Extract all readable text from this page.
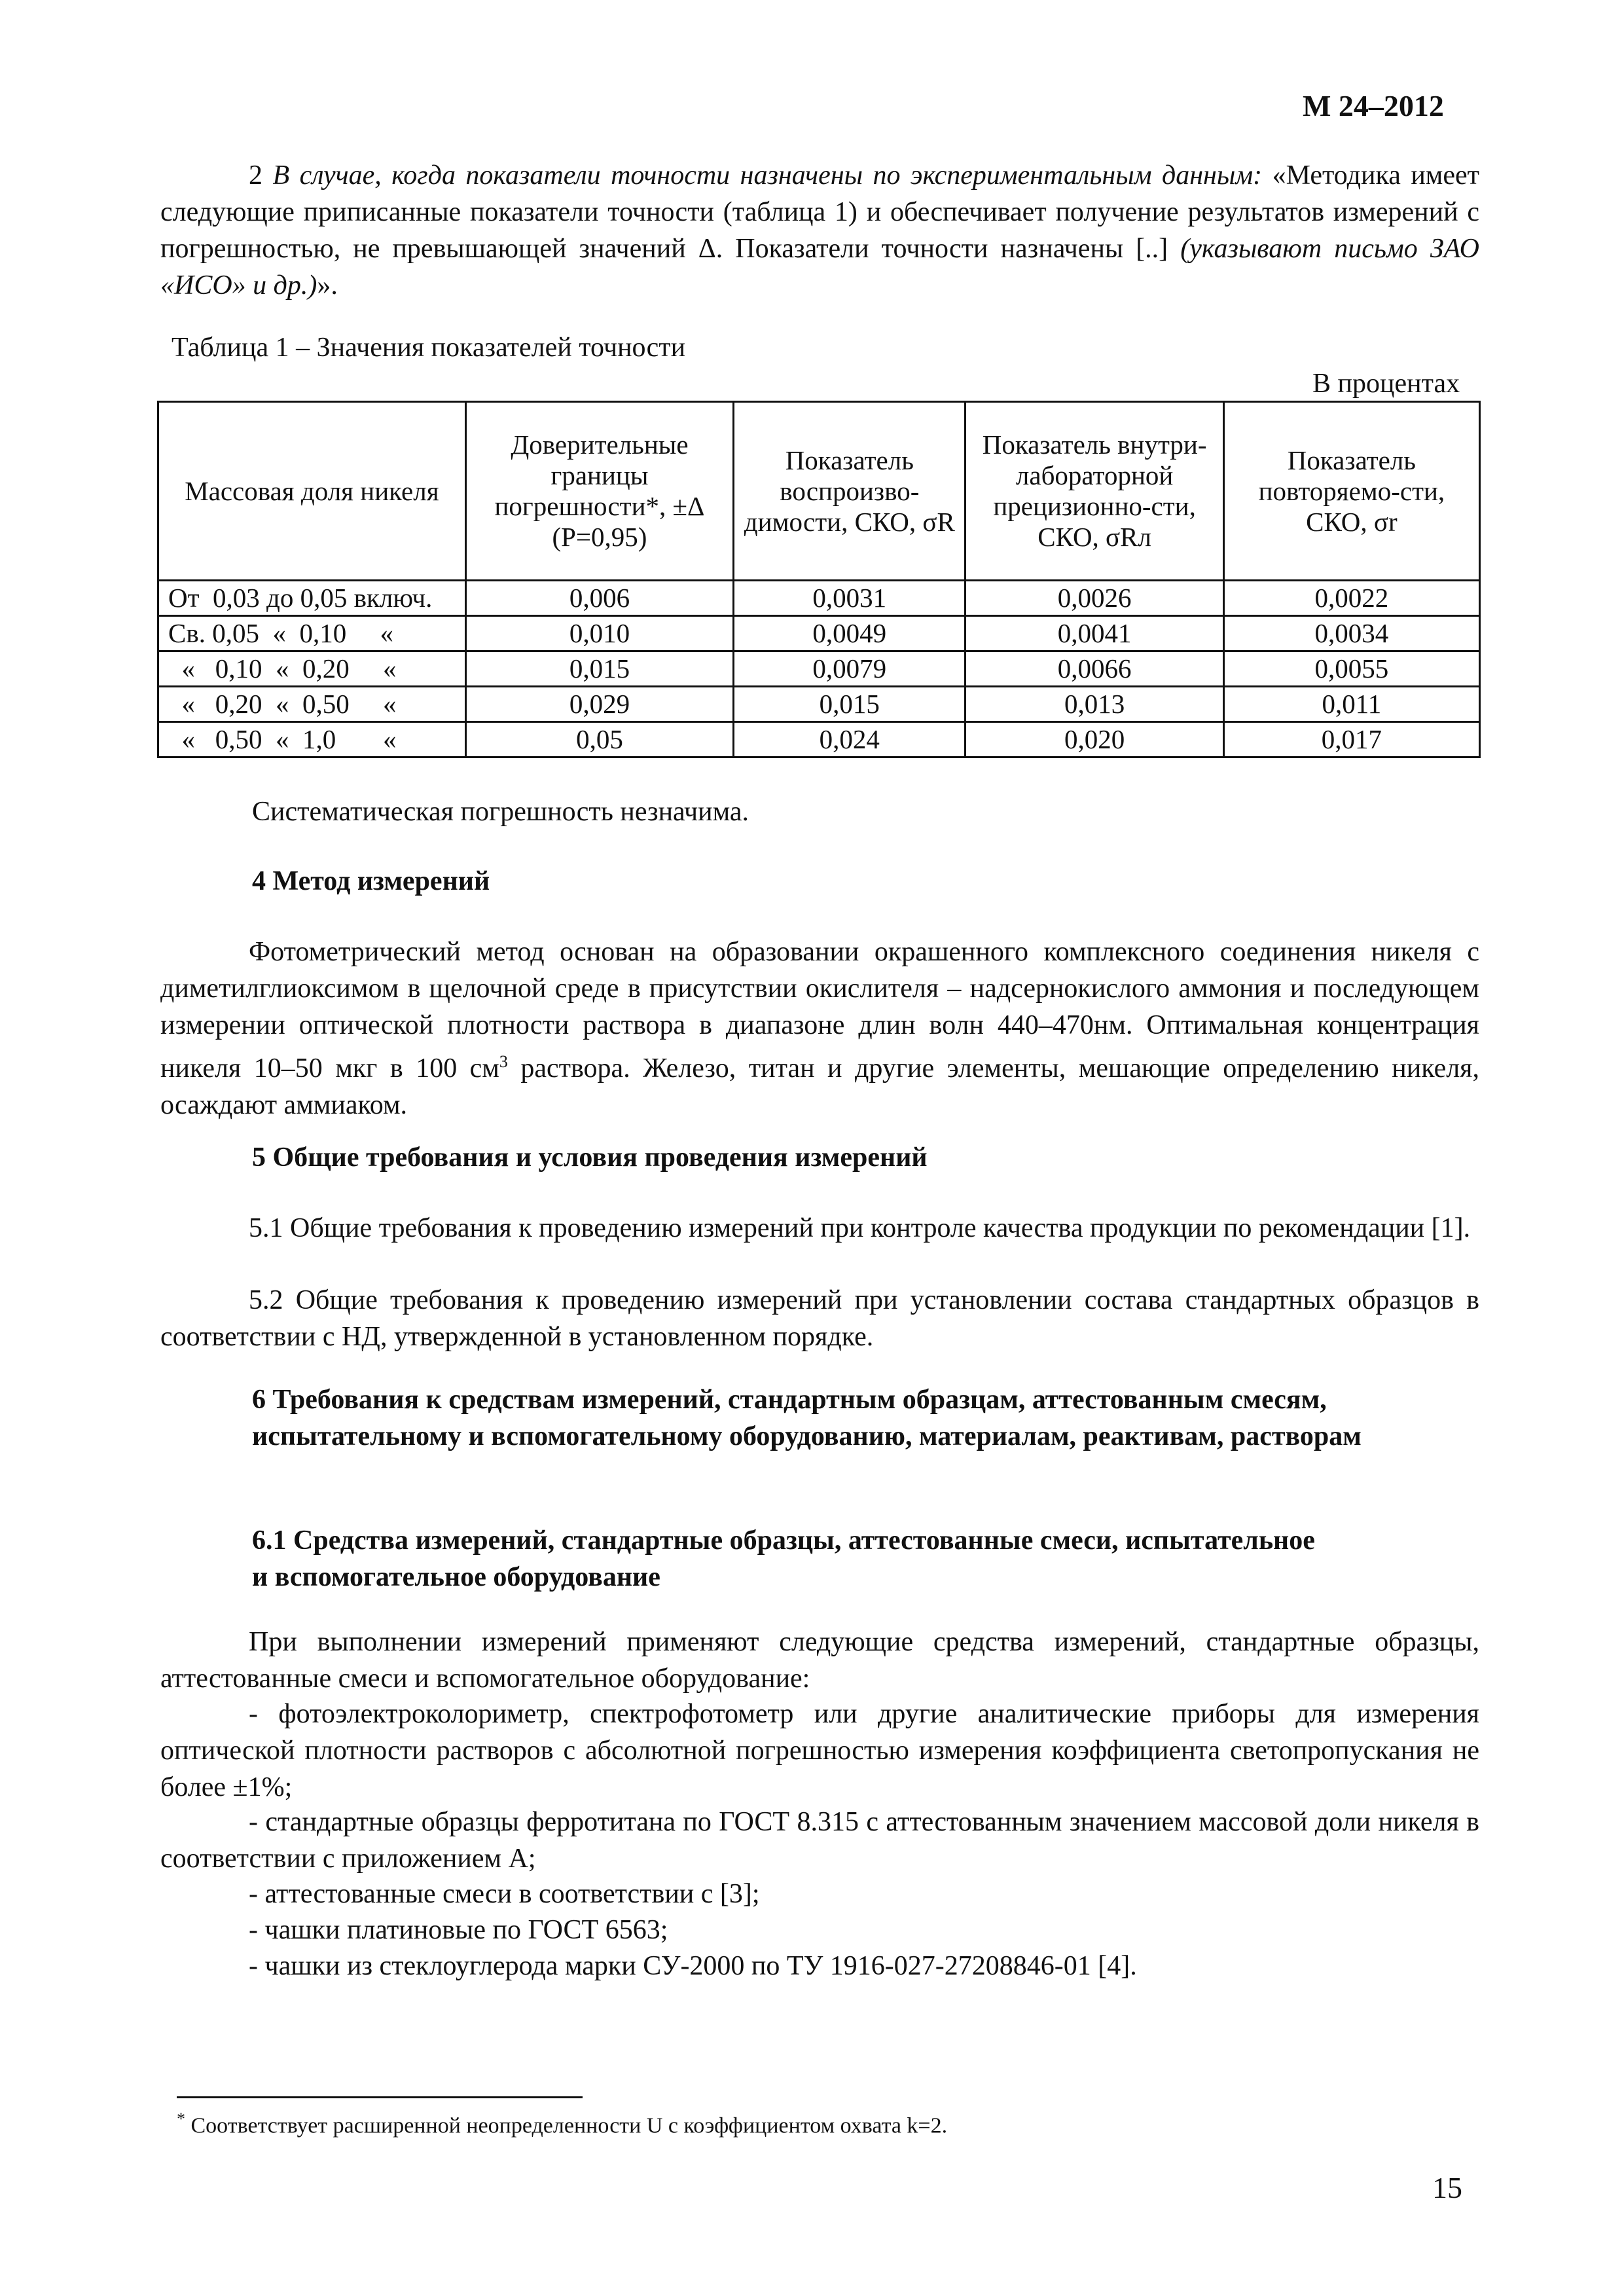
М 24–2012
2 В случае, когда показатели точности назначены по экспериментальным данным: «Методика имеет следующие приписанные показатели точности (таблица 1) и обеспечивает получение результатов измерений с погрешностью, не превышающей значений Δ. Показатели точности назначены [..] (указывают письмо ЗАО «ИСО» и др.)».
Таблица 1 – Значения показателей точности
В процентах
Массовая доля никеля	Доверительные границы погрешности*, ±Δ (P=0,95)	Показатель воспроизво-димости, СКО, σR	Показатель внутри-лабораторной прецизионно-сти, СКО, σRл	Показатель повторяемо-сти, СКО, σr
От  0,03 до 0,05 включ.	0,006	0,0031	0,0026	0,0022
Св. 0,05  «  0,10     «	0,010	0,0049	0,0041	0,0034
«   0,10  «  0,20     «	0,015	0,0079	0,0066	0,0055
«   0,20  «  0,50     «	0,029	0,015	0,013	0,011
«   0,50  «  1,0       «	0,05	0,024	0,020	0,017
Систематическая погрешность незначима.
4 Метод измерений
Фотометрический метод основан на образовании окрашенного комплексного соединения никеля с диметилглиоксимом в щелочной среде в присутствии окислителя – надсернокислого аммония и последующем измерении оптической плотности раствора в диапазоне длин волн 440–470нм. Оптимальная концентрация никеля 10–50 мкг в 100 $см^3$ раствора. Железо, титан и другие элементы, мешающие определению никеля, осаждают аммиаком.
5 Общие требования и условия проведения измерений
5.1 Общие требования к проведению измерений при контроле качества продукции по рекомендации [1].
5.2 Общие требования к проведению измерений при установлении состава стандартных образцов в соответствии с НД, утвержденной в установленном порядке.
6 Требования к средствам измерений, стандартным образцам, аттестованным смесям, испытательному и вспомогательному оборудованию, материалам, реактивам, растворам
6.1 Средства измерений, стандартные образцы, аттестованные смеси, испытательное и вспомогательное оборудование
При выполнении измерений применяют следующие средства измерений, стандартные образцы, аттестованные смеси и вспомогательное оборудование:
- фотоэлектроколориметр, спектрофотометр или другие аналитические приборы для измерения оптической плотности растворов с абсолютной погрешностью измерения коэффициента светопропускания не более ±1%;
- стандартные образцы ферротитана по ГОСТ 8.315 с аттестованным значением массовой доли никеля в соответствии с приложением А;
- аттестованные смеси в соответствии с [3];
- чашки платиновые по ГОСТ 6563;
- чашки из стеклоуглерода марки СУ-2000 по ТУ 1916-027-27208846-01 [4].
* Соответствует расширенной неопределенности U с коэффициентом охвата k=2.
15
